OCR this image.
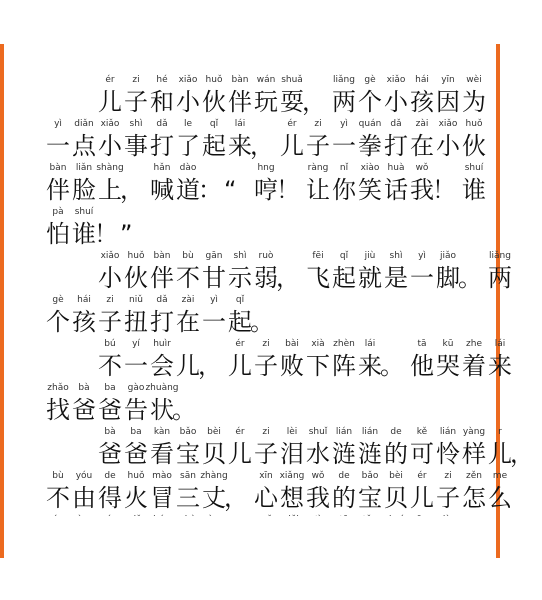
ér
儿
zi
子
hé
和
xiǎo
小
huǒ
伙
bàn
伴
wán
玩
shuǎ
耍
，
liǎng
两
gè
个
xiǎo
小
hái
孩
yīn
因
wèi
为
yì
一
diǎn
点
xiǎo
小
shì
事
dǎ
打
le
了
qǐ
起
lái
来
，
ér
儿
zi
子
yì
一
quán
拳
dǎ
打
zài
在
xiǎo
小
huǒ
伙
bàn
伴
liǎn
脸
shàng
上
，
hǎn
喊
dào
道
： “
hng
哼
！
ràng
让
nǐ
你
xiào
笑
huà
话
wǒ
我
！
shuí
谁
pà
怕
shuí
谁
！ ”
xiǎo
小
huǒ
伙
bàn
伴
bù
不
gān
甘
shì
示
ruò
弱
，
fēi
飞
qǐ
起
jiù
就
shì
是
yì
一
jiǎo
脚
。
liǎng
两
gè
个
hái
孩
zi
子
niǔ
扭
dǎ
打
zài
在
yì
一
qǐ
起
。
bú
不
yí
一
huìr
会 儿
，
ér
儿
zi
子
bài
败
xià
下
zhèn
阵
lái
来
。
tā
他
kū
哭
zhe
着
lái
来
zhǎo
找
bà
爸
ba
爸
gào
告
zhuàng
状
。
bà
爸
ba
爸
kàn
看
bǎo
宝
bèi
贝
ér
儿
zi
子
lèi
泪
shuǐ
水
lián
涟
lián
涟
de
的
kě
可
lián
怜
yàng
样
r
儿
，
bù
不
yóu
由
de
得
huǒ
火
mào
冒
sān
三
zhàng
丈
，
xīn
心
xiǎng
想
wǒ
我
de
的
bǎo
宝
bèi
贝
ér
儿
zi
子
zěn
怎
me
么
